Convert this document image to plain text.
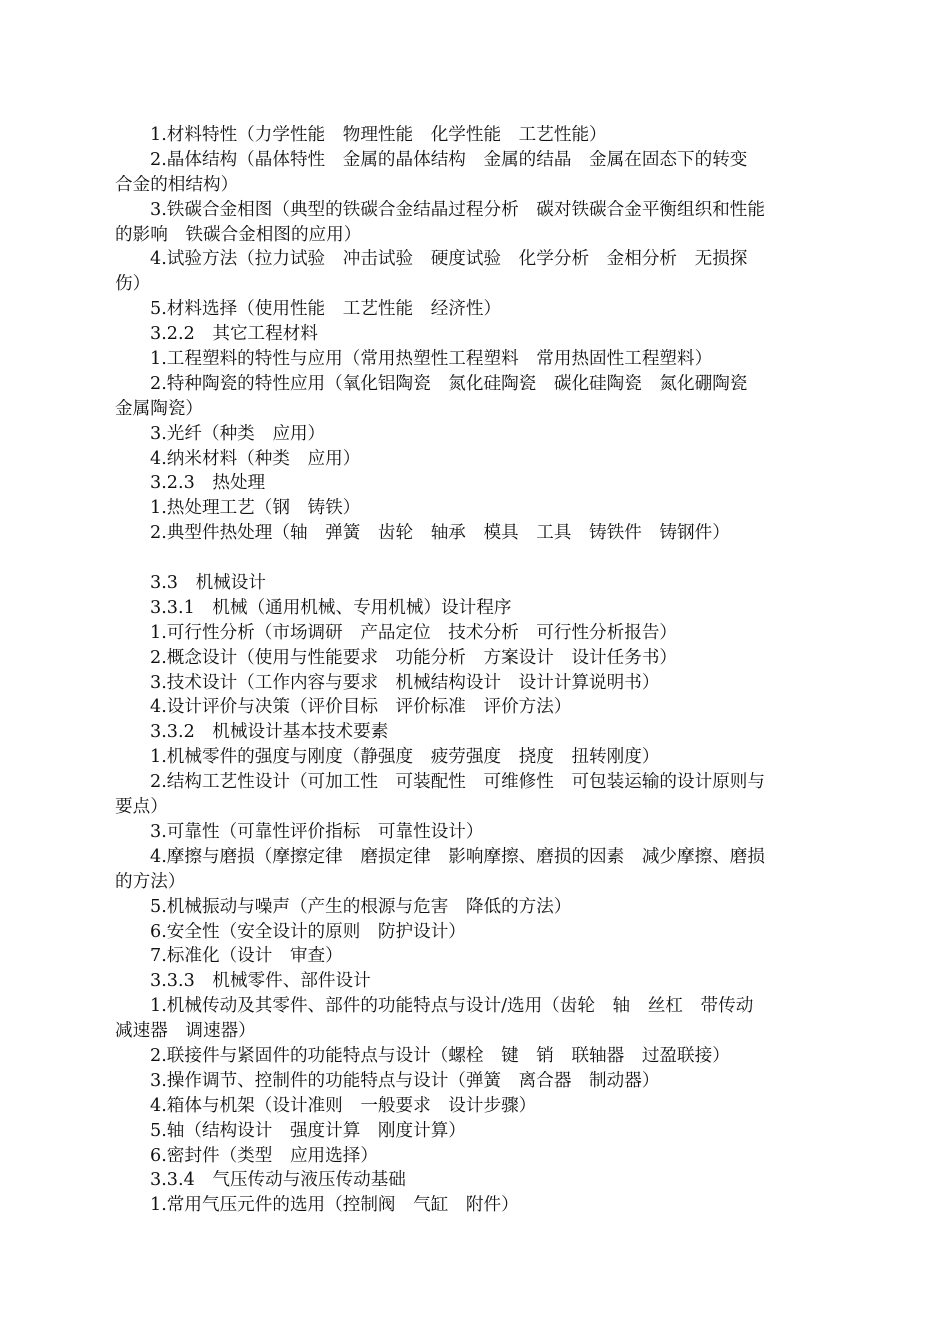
1.材料特性（力学性能　物理性能　化学性能　工艺性能）
2.晶体结构（晶体特性　金属的晶体结构　金属的结晶　金属在固态下的转变
合金的相结构）
3.铁碳合金相图（典型的铁碳合金结晶过程分析　碳对铁碳合金平衡组织和性能
的影响　铁碳合金相图的应用）
4.试验方法（拉力试验　冲击试验　硬度试验　化学分析　金相分析　无损探
伤）
5.材料选择（使用性能　工艺性能　经济性）
3.2.2　其它工程材料
1.工程塑料的特性与应用（常用热塑性工程塑料　常用热固性工程塑料）
2.特种陶瓷的特性应用（氧化铝陶瓷　氮化硅陶瓷　碳化硅陶瓷　氮化硼陶瓷
金属陶瓷）
3.光纤（种类　应用）
4.纳米材料（种类　应用）
3.2.3　热处理
1.热处理工艺（钢　铸铁）
2.典型件热处理（轴　弹簧　齿轮　轴承　模具　工具　铸铁件　铸钢件）
3.3　机械设计
3.3.1　机械（通用机械、专用机械）设计程序
1.可行性分析（市场调研　产品定位　技术分析　可行性分析报告）
2.概念设计（使用与性能要求　功能分析　方案设计　设计任务书）
3.技术设计（工作内容与要求　机械结构设计　设计计算说明书）
4.设计评价与决策（评价目标　评价标准　评价方法）
3.3.2　机械设计基本技术要素
1.机械零件的强度与刚度（静强度　疲劳强度　挠度　扭转刚度）
2.结构工艺性设计（可加工性　可装配性　可维修性　可包装运输的设计原则与
要点）
3.可靠性（可靠性评价指标　可靠性设计）
4.摩擦与磨损（摩擦定律　磨损定律　影响摩擦、磨损的因素　减少摩擦、磨损
的方法）
5.机械振动与噪声（产生的根源与危害　降低的方法）
6.安全性（安全设计的原则　防护设计）
7.标准化（设计　审查）
3.3.3　机械零件、部件设计
1.机械传动及其零件、部件的功能特点与设计/选用（齿轮　轴　丝杠　带传动
减速器　调速器）
2.联接件与紧固件的功能特点与设计（螺栓　键　销　联轴器　过盈联接）
3.操作调节、控制件的功能特点与设计（弹簧　离合器　制动器）
4.箱体与机架（设计准则　一般要求　设计步骤）
5.轴（结构设计　强度计算　刚度计算）
6.密封件（类型　应用选择）
3.3.4　气压传动与液压传动基础
1.常用气压元件的选用（控制阀　气缸　附件）
